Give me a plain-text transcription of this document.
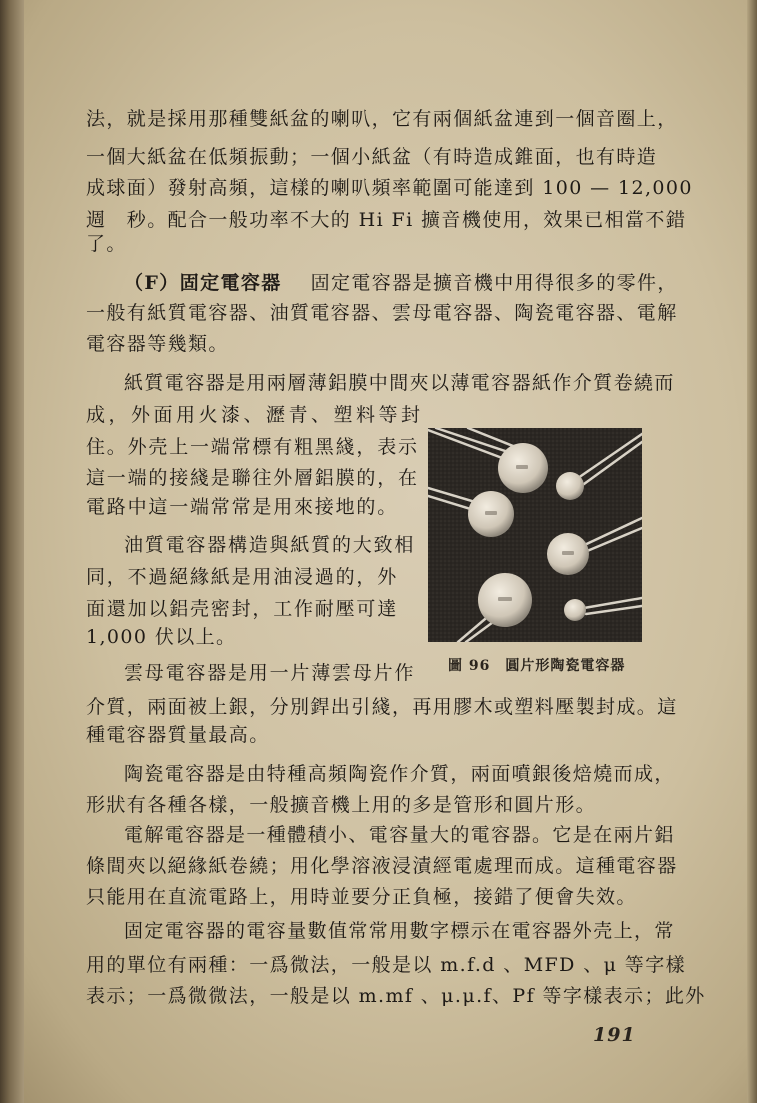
法，就是採用那種雙紙盆的喇叭，它有兩個紙盆連到一個音圈上，
一個大紙盆在低頻振動；一個小紙盆（有時造成錐面，也有時造
成球面）發射高頻，這樣的喇叭頻率範圍可能達到 100 — 12,000
週　秒。配合一般功率不大的 Hi Fi 擴音機使用，效果已相當不錯
了。
（F）固定電容器 固定電容器是擴音機中用得很多的零件，
一般有紙質電容器、油質電容器、雲母電容器、陶瓷電容器、電解
電容器等幾類。
紙質電容器是用兩層薄鋁膜中間夾以薄電容器紙作介質卷繞而
成，外面用火漆、瀝青、塑料等封
住。外壳上一端常標有粗黑綫，表示
這一端的接綫是聯往外層鋁膜的，在
電路中這一端常常是用來接地的。
油質電容器構造與紙質的大致相
同，不過絕緣紙是用油浸過的，外
面還加以鋁壳密封，工作耐壓可達
1,000 伏以上。
雲母電容器是用一片薄雲母片作
介質，兩面被上銀，分別銲出引綫，再用膠木或塑料壓製封成。這
種電容器質量最高。
陶瓷電容器是由特種高頻陶瓷作介質，兩面噴銀後焙燒而成，
形狀有各種各樣，一般擴音機上用的多是管形和圓片形。
電解電容器是一種體積小、電容量大的電容器。它是在兩片鋁
條間夾以絕緣紙卷繞；用化學溶液浸漬經電處理而成。這種電容器
只能用在直流電路上，用時並要分正負極，接錯了便會失效。
固定電容器的電容量數值常常用數字標示在電容器外壳上，常
用的單位有兩種：一爲微法，一般是以 m.f.d 、MFD 、μ 等字樣
表示；一爲微微法，一般是以 m.mf 、μ.μ.f、Pf 等字樣表示；此外
圖 96　圓片形陶瓷電容器
191
